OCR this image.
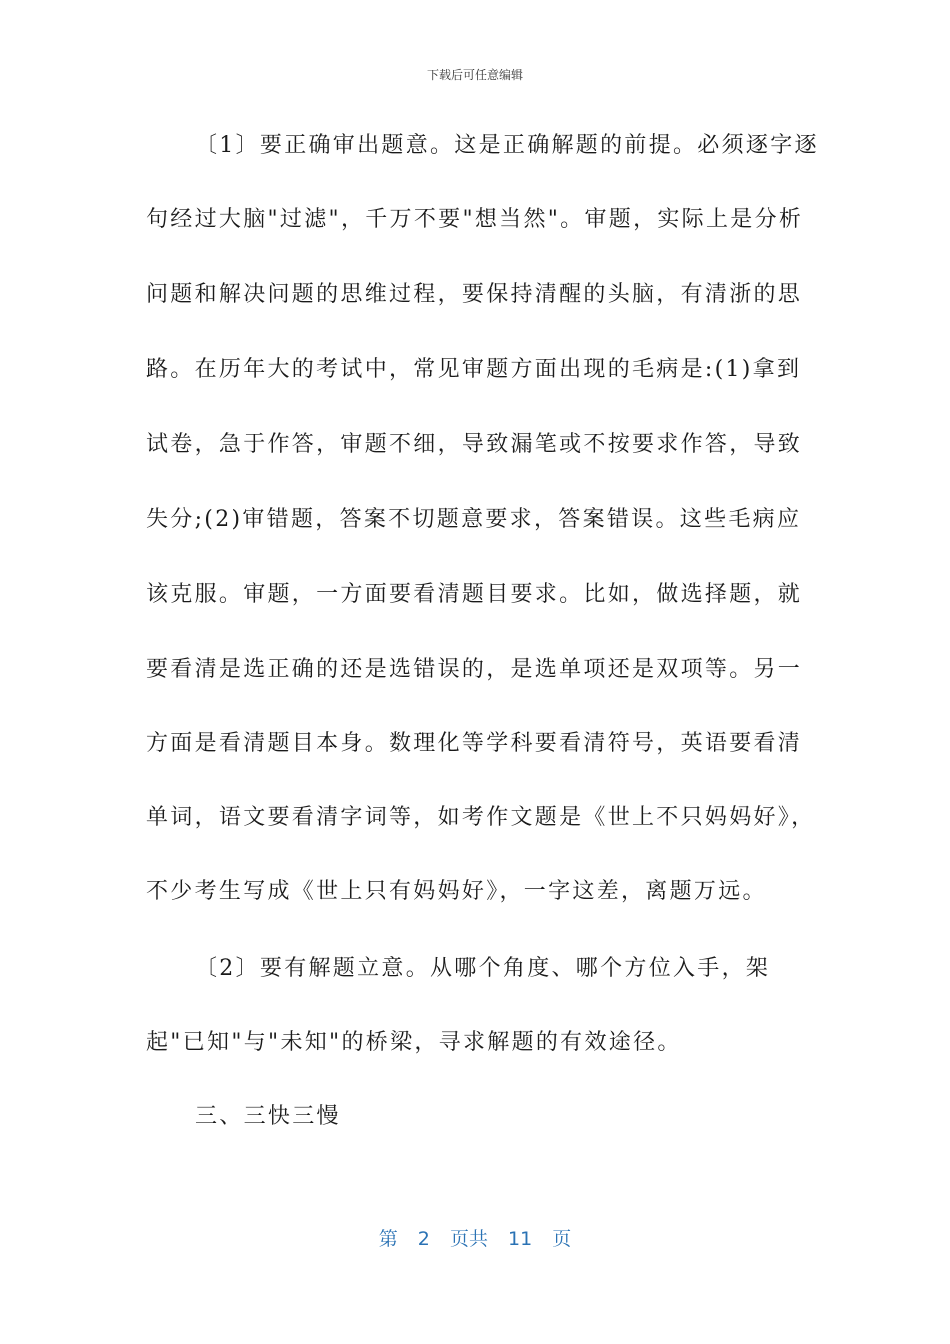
下载后可任意编辑
〔1〕要正确审出题意。这是正确解题的前提。必须逐字逐
句经过大脑"过滤"，千万不要"想当然"。审题，实际上是分析
问题和解决问题的思维过程，要保持清醒的头脑，有清浙的思
路。在历年大的考试中，常见审题方面出现的毛病是:(1)拿到
试卷，急于作答，审题不细，导致漏笔或不按要求作答，导致
失分;(2)审错题，答案不切题意要求，答案错误。这些毛病应
该克服。审题，一方面要看清题目要求。比如，做选择题，就
要看清是选正确的还是选错误的，是选单项还是双项等。另一
方面是看清题目本身。数理化等学科要看清符号，英语要看清
单词，语文要看清字词等，如考作文题是《世上不只妈妈好》，
不少考生写成《世上只有妈妈好》，一字这差，离题万远。
〔2〕要有解题立意。从哪个角度、哪个方位入手，架
起"已知"与"未知"的桥梁，寻求解题的有效途径。
三、三快三慢
第 2 页共 11 页
